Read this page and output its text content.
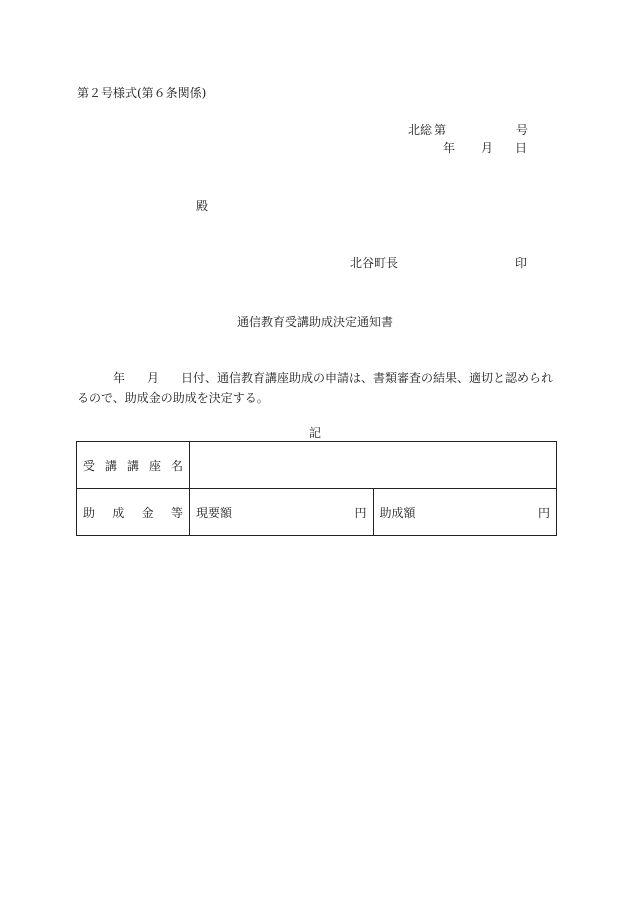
第２号様式(第６条関係)
北総 第	号
年 月 日
殿
北谷町長	印
通信教育受講助成決定通知書
年 月 日付、通信教育講座助成の申請は、書類審査の結果、適切と認められ
るので、助成金の助成を決定する。
記
受 講 講 座 名		

助 成 金 等	現要額 円	助成額 円
